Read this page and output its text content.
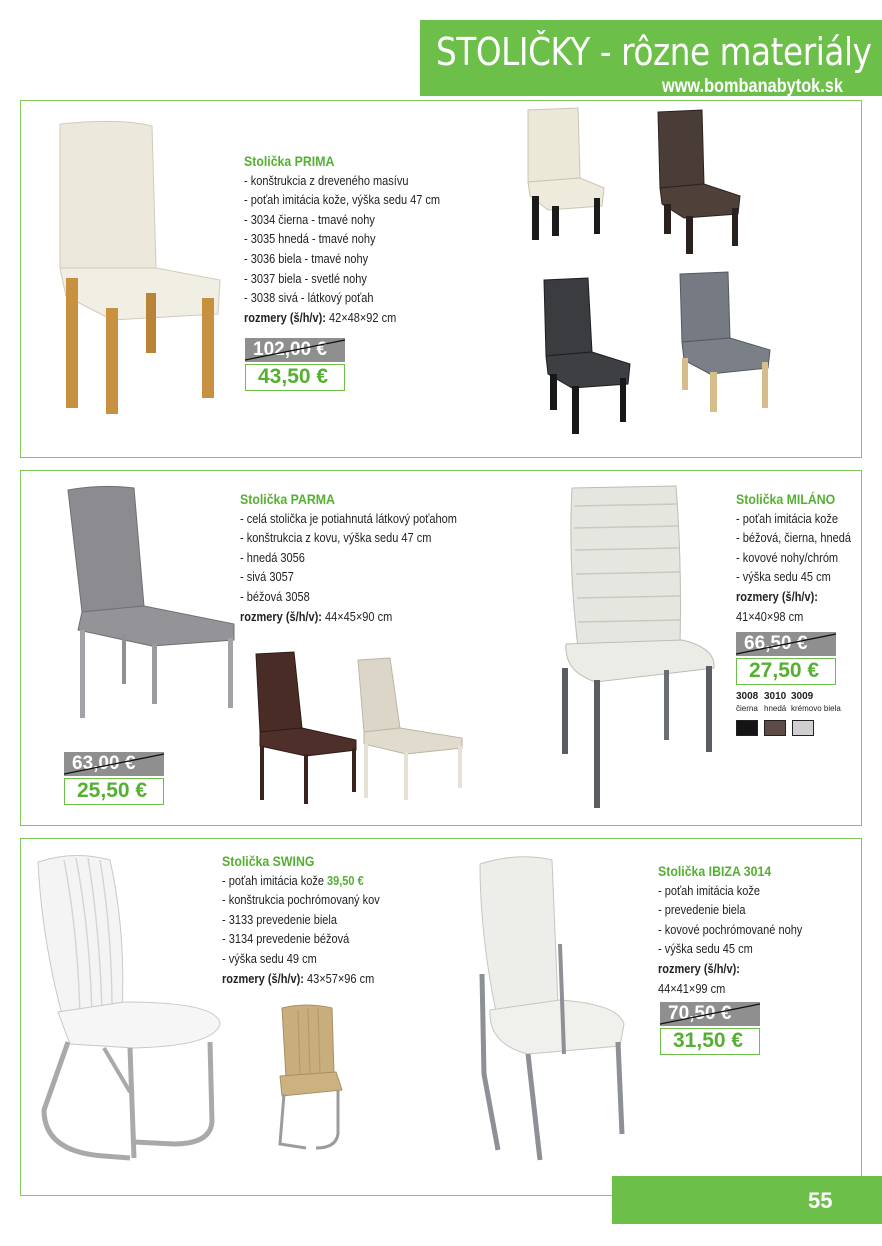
STOLIČKY - rôzne materiály
www.bombanabytok.sk
Stolička PRIMA
- konštrukcia z dreveného masívu
- poťah imitácia kože, výška sedu 47 cm
- 3034 čierna - tmavé nohy
- 3035 hnedá - tmavé nohy
- 3036 biela - tmavé nohy
- 3037 biela - svetlé nohy
- 3038 sivá - látkový poťah
rozmery (š/h/v): 42×48×92 cm
102,00 €
43,50 €
Stolička PARMA
- celá stolička je potiahnutá látkový poťahom
- konštrukcia z kovu, výška sedu 47 cm
- hnedá 3056
- sivá 3057
- béžová 3058
rozmery (š/h/v): 44×45×90 cm
63,00 €
25,50 €
Stolička MILÁNO
- poťah imitácia kože
- béžová, čierna, hnedá
- kovové nohy/chróm
- výška sedu 45 cm
rozmery (š/h/v):
41×40×98 cm
66,50 €
27,50 €
3008 3010 3009
čierna hnedá krémovo biela
Stolička SWING
- poťah imitácia kože 39,50 €
- konštrukcia pochrómovaný kov
- 3133 prevedenie biela
- 3134 prevedenie béžová
- výška sedu 49 cm
rozmery (š/h/v): 43×57×96 cm
Stolička IBIZA 3014
- poťah imitácia kože
- prevedenie biela
- kovové pochrómované nohy
- výška sedu 45 cm
rozmery (š/h/v):
44×41×99 cm
70,50 €
31,50 €
55
